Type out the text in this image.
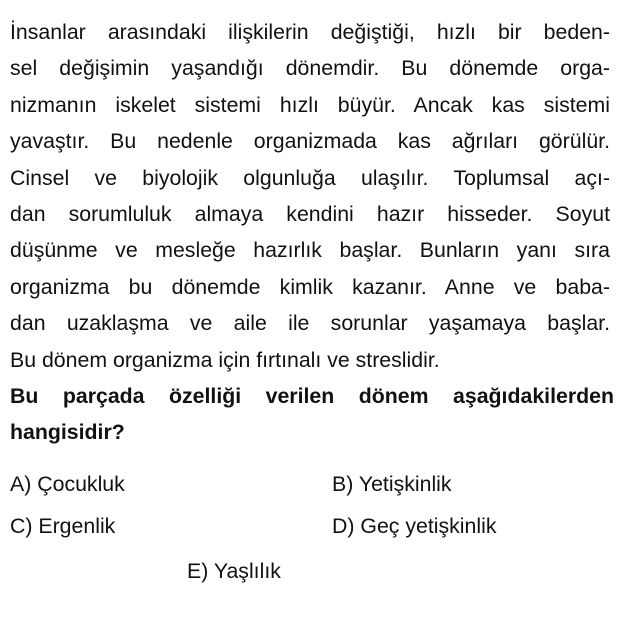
İnsanlar arasındaki ilişkilerin değiştiği, hızlı bir beden-
sel değişimin yaşandığı dönemdir. Bu dönemde orga-
nizmanın iskelet sistemi hızlı büyür. Ancak kas sistemi
yavaştır. Bu nedenle organizmada kas ağrıları görülür.
Cinsel ve biyolojik olgunluğa ulaşılır. Toplumsal açı-
dan sorumluluk almaya kendini hazır hisseder. Soyut
düşünme ve mesleğe hazırlık başlar. Bunların yanı sıra
organizma bu dönemde kimlik kazanır. Anne ve baba-
dan uzaklaşma ve aile ile sorunlar yaşamaya başlar.
Bu dönem organizma için fırtınalı ve streslidir.
Bu parçada özelliği verilen dönem aşağıdakilerden
hangisidir?
A) Çocukluk	B) Yetişkinlik
C) Ergenlik	D) Geç yetişkinlik
E) Yaşlılık
